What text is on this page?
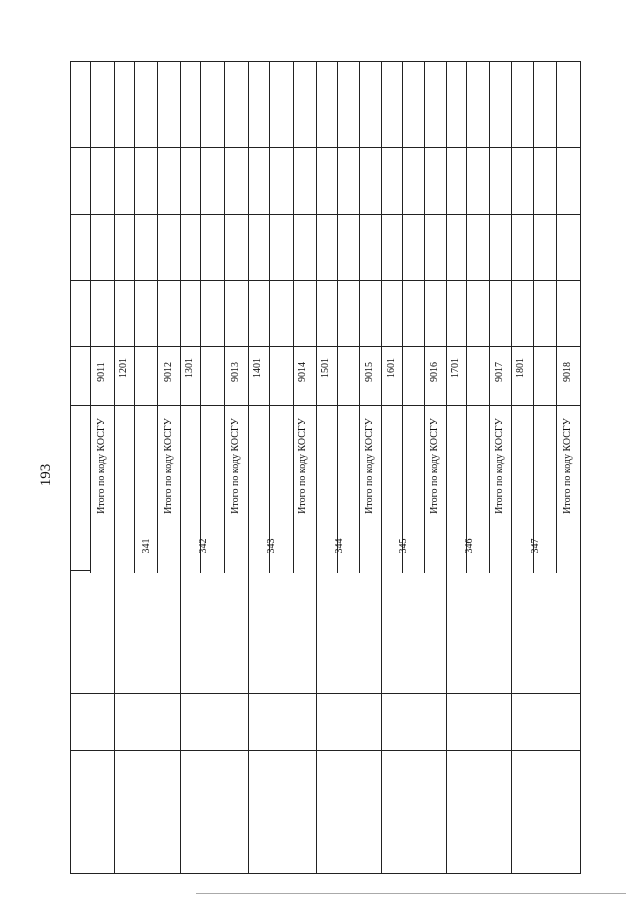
193	Итого по коду КОСГУ
9011 1201
341
Итого по коду КОСГУ
9012 1301
342
Итого по коду КОСГУ
9013 1401
343
Итого по коду КОСГУ
9014 1501
344
Итого по коду КОСГУ
9015 1601
345
Итого по коду КОСГУ
9016 1701
346
Итого по коду КОСГУ
9017 1801
347
Итого по коду КОСГУ
9018
